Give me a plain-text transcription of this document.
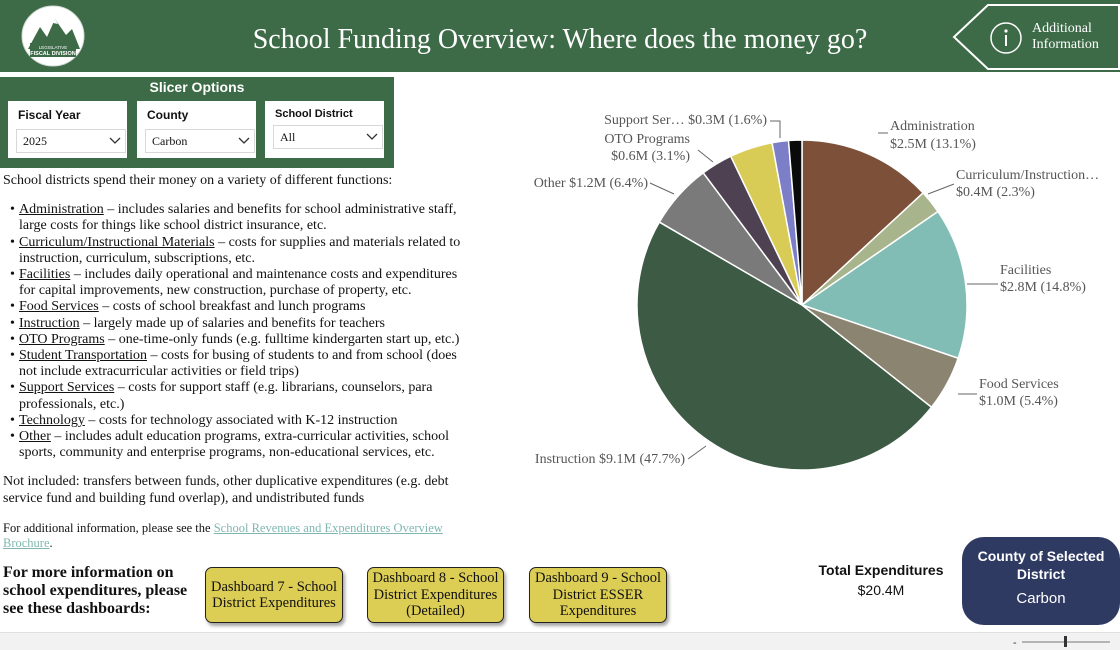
LEGISLATIVE
FISCAL DIVISION	School Funding Overview: Where does the money go?	Additional
Information
Slicer Options
Fiscal Year
2025
County
Carbon
School District
All

School districts spend their money on a variety of different functions:

• Administration – includes salaries and benefits for school administrative staff, large costs for things like school district insurance, etc.
• Curriculum/Instructional Materials – costs for supplies and materials related to instruction, curriculum, subscriptions, etc.
• Facilities – includes daily operational and maintenance costs and expenditures for capital improvements, new construction, purchase of property, etc.
• Food Services – costs of school breakfast and lunch programs
• Instruction – largely made up of salaries and benefits for teachers
• OTO Programs – one-time-only funds (e.g. fulltime kindergarten start up, etc.)
• Student Transportation – costs for busing of students to and from school (does not include extracurricular activities or field trips)
• Support Services – costs for support staff (e.g. librarians, counselors, para professionals, etc.)
• Technology – costs for technology associated with K-12 instruction
• Other – includes adult education programs, extra-curricular activities, school sports, community and enterprise programs, non-educational services, etc.

Not included: transfers between funds, other duplicative expenditures (e.g. debt service fund and building fund overlap), and undistributed funds

For additional information, please see the School Revenues and Expenditures Overview Brochure.
For more information on school expenditures, please see these dashboards:
Dashboard 7 - School District Expenditures
Dashboard 8 - School District Expenditures (Detailed)
Dashboard 9 - School District ESSER Expenditures
Administration
$2.5M (13.1%)
Curriculum/Instruction…
$0.4M (2.3%)
Facilities
$2.8M (14.8%)
Food Services
$1.0M (5.4%)
Instruction $9.1M (47.7%)
Other $1.2M (6.4%)
OTO Programs
$0.6M (3.1%)
Support Ser… $0.3M (1.6%)
Total Expenditures
$20.4M
County of Selected District
Carbon
-
